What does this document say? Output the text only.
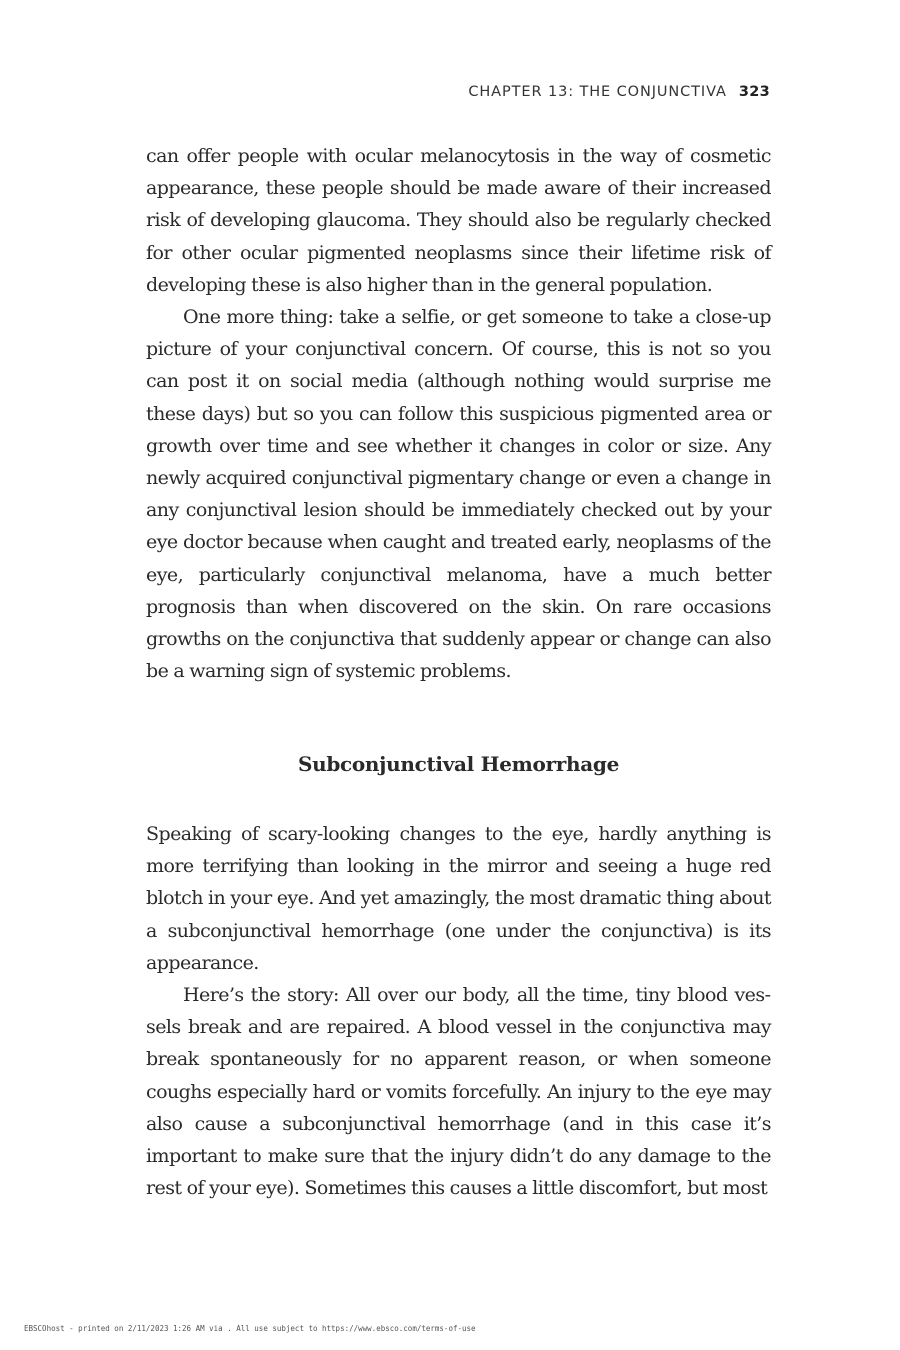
CHAPTER 13: THE CONJUNCTIVA 323

can offer people with ocular melanocytosis in the way of cosmetic appearance, these people should be made aware of their increased risk of developing glaucoma. They should also be regularly checked for other ocular pigmented neoplasms since their lifetime risk of developing these is also higher than in the general population.

One more thing: take a selfie, or get someone to take a close-up picture of your conjunctival concern. Of course, this is not so you can post it on social media (although nothing would surprise me these days) but so you can follow this suspicious pigmented area or growth over time and see whether it changes in color or size. Any newly acquired conjunctival pigmentary change or even a change in any conjunctival lesion should be immediately checked out by your eye doctor because when caught and treated early, neoplasms of the eye, particularly conjunctival melanoma, have a much better prognosis than when discovered on the skin. On rare occasions growths on the conjunctiva that suddenly appear or change can also be a warning sign of systemic problems.

Subconjunctival Hemorrhage

Speaking of scary-looking changes to the eye, hardly anything is more terrifying than looking in the mirror and seeing a huge red blotch in your eye. And yet amazingly, the most dramatic thing about a subconjunctival hemorrhage (one under the conjunctiva) is its appearance.

Here’s the story: All over our body, all the time, tiny blood vessels break and are repaired. A blood vessel in the conjunctiva may break spontaneously for no apparent reason, or when someone coughs especially hard or vomits forcefully. An injury to the eye may also cause a subconjunctival hemorrhage (and in this case it’s important to make sure that the injury didn’t do any damage to the rest of your eye). Sometimes this causes a little discomfort, but most

EBSCOhost - printed on 2/11/2023 1:26 AM via . All use subject to https://www.ebsco.com/terms-of-use
